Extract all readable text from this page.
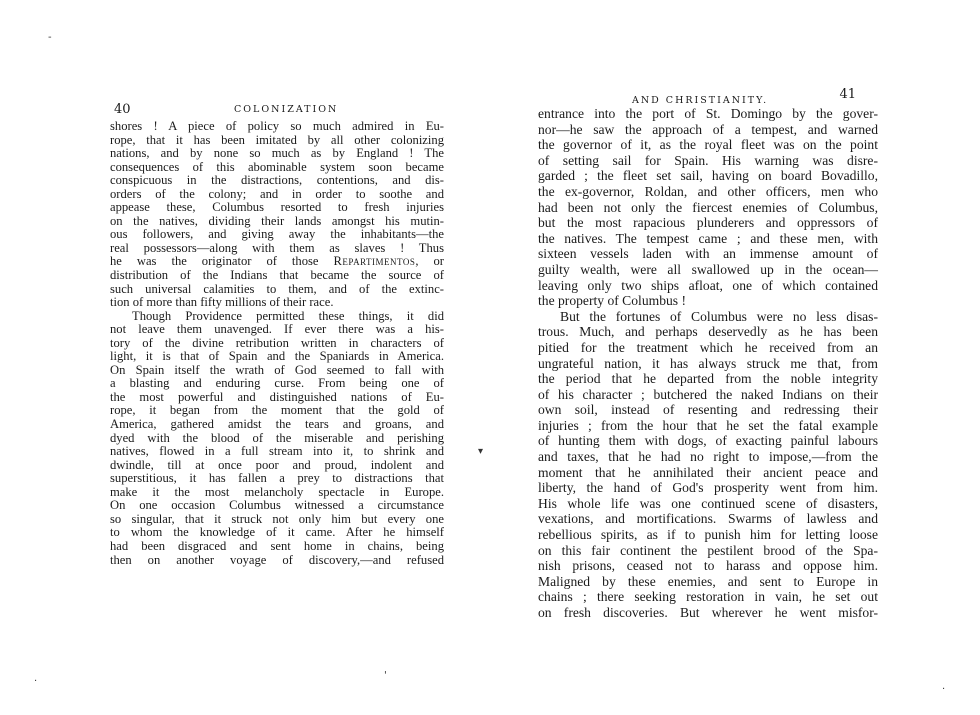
40	COLONIZATION
shores ! A piece of policy so much admired in Eu-
rope, that it has been imitated by all other colonizing
nations, and by none so much as by England ! The
consequences of this abominable system soon became
conspicuous in the distractions, contentions, and dis-
orders of the colony; and in order to soothe and
appease these, Columbus resorted to fresh injuries
on the natives, dividing their lands amongst his mutin-
ous followers, and giving away the inhabitants—the
real possessors—along with them as slaves ! Thus
he was the originator of those Repartimentos, or
distribution of the Indians that became the source of
such universal calamities to them, and of the extinc-
tion of more than fifty millions of their race.
Though Providence permitted these things, it did
not leave them unavenged. If ever there was a his-
tory of the divine retribution written in characters of
light, it is that of Spain and the Spaniards in America.
On Spain itself the wrath of God seemed to fall with
a blasting and enduring curse. From being one of
the most powerful and distinguished nations of Eu-
rope, it began from the moment that the gold of
America, gathered amidst the tears and groans, and
dyed with the blood of the miserable and perishing
natives, flowed in a full stream into it, to shrink and
dwindle, till at once poor and proud, indolent and
superstitious, it has fallen a prey to distractions that
make it the most melancholy spectacle in Europe.
On one occasion Columbus witnessed a circumstance
so singular, that it struck not only him but every one
to whom the knowledge of it came. After he himself
had been disgraced and sent home in chains, being
then on another voyage of discovery,—and refused
AND CHRISTIANITY.	41
entrance into the port of St. Domingo by the gover-
nor—he saw the approach of a tempest, and warned
the governor of it, as the royal fleet was on the point
of setting sail for Spain. His warning was disre-
garded ; the fleet set sail, having on board Bovadillo,
the ex-governor, Roldan, and other officers, men who
had been not only the fiercest enemies of Columbus,
but the most rapacious plunderers and oppressors of
the natives. The tempest came ; and these men, with
sixteen vessels laden with an immense amount of
guilty wealth, were all swallowed up in the ocean—
leaving only two ships afloat, one of which contained
the property of Columbus !
But the fortunes of Columbus were no less disas-
trous. Much, and perhaps deservedly as he has been
pitied for the treatment which he received from an
ungrateful nation, it has always struck me that, from
the period that he departed from the noble integrity
of his character ; butchered the naked Indians on their
own soil, instead of resenting and redressing their
injuries ; from the hour that he set the fatal example
of hunting them with dogs, of exacting painful labours
and taxes, that he had no right to impose,—from the
moment that he annihilated their ancient peace and
liberty, the hand of God's prosperity went from him.
His whole life was one continued scene of disasters,
vexations, and mortifications. Swarms of lawless and
rebellious spirits, as if to punish him for letting loose
on this fair continent the pestilent brood of the Spa-
nish prisons, ceased not to harass and oppose him.
Maligned by these enemies, and sent to Europe in
chains ; there seeking restoration in vain, he set out
on fresh discoveries. But wherever he went misfor-
-
▾
'
·
·
